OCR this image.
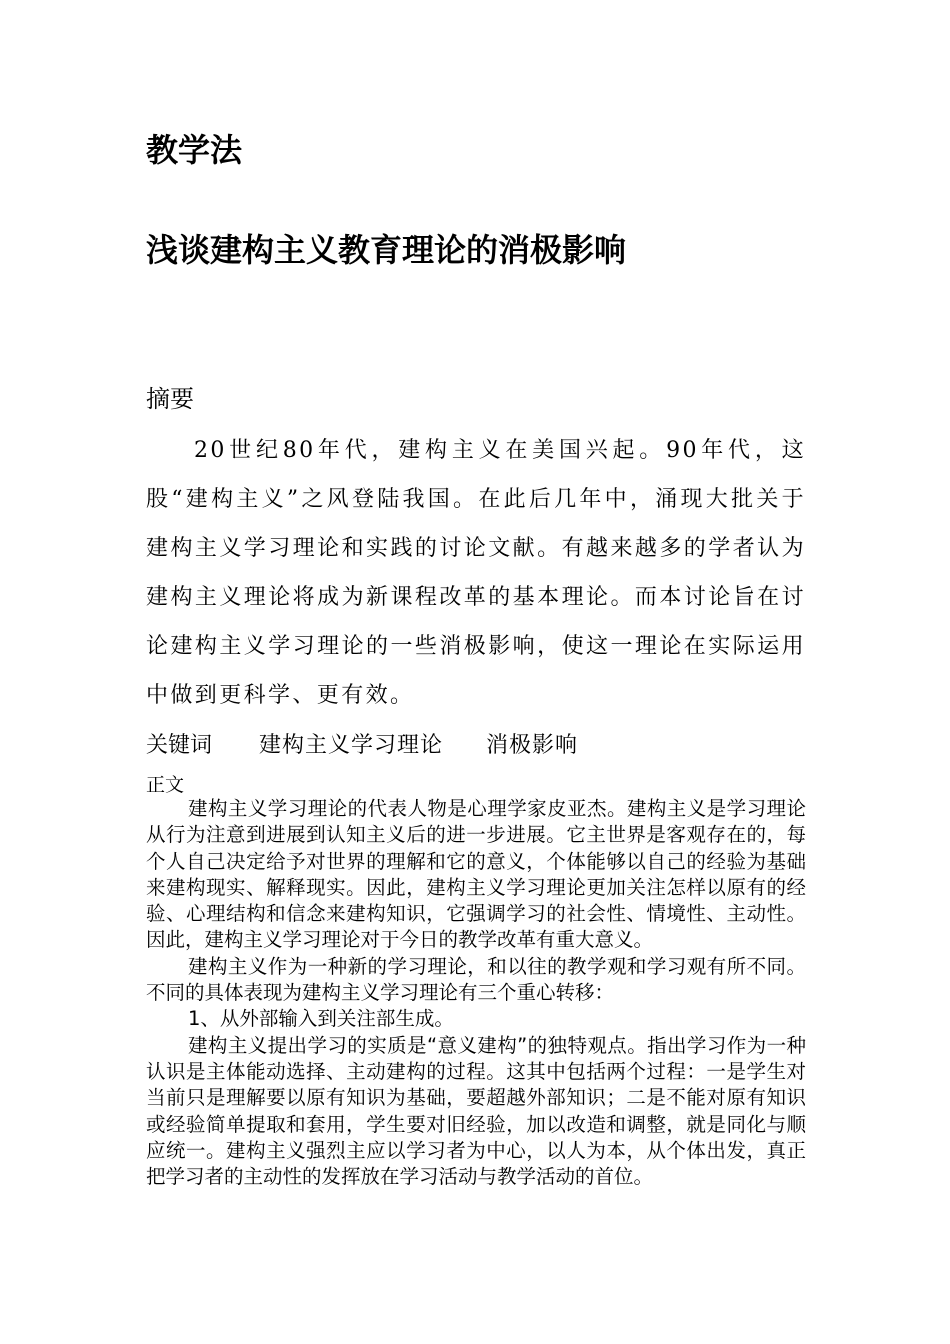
教学法
浅谈建构主义教育理论的消极影响
摘要

20世纪80年代，建构主义在美国兴起。90年代，这股“建构主义”之风登陆我国。在此后几年中，涌现大批关于建构主义学习理论和实践的讨论文献。有越来越多的学者认为建构主义理论将成为新课程改革的基本理论。而本讨论旨在讨论建构主义学习理论的一些消极影响，使这一理论在实际运用中做到更科学、更有效。

关键词 建构主义学习理论 消极影响
正文

建构主义学习理论的代表人物是心理学家皮亚杰。建构主义是学习理论从行为注意到进展到认知主义后的进一步进展。它主世界是客观存在的，每个人自己决定给予对世界的理解和它的意义，个体能够以自己的经验为基础来建构现实、解释现实。因此，建构主义学习理论更加关注怎样以原有的经验、心理结构和信念来建构知识，它强调学习的社会性、情境性、主动性。因此，建构主义学习理论对于今日的教学改革有重大意义。

建构主义作为一种新的学习理论，和以往的教学观和学习观有所不同。不同的具体表现为建构主义学习理论有三个重心转移：

1、从外部输入到关注部生成。

建构主义提出学习的实质是“意义建构”的独特观点。指出学习作为一种认识是主体能动选择、主动建构的过程。这其中包括两个过程：一是学生对当前只是理解要以原有知识为基础，要超越外部知识；二是不能对原有知识或经验简单提取和套用，学生要对旧经验，加以改造和调整，就是同化与顺应统一。建构主义强烈主应以学习者为中心，以人为本，从个体出发，真正把学习者的主动性的发挥放在学习活动与教学活动的首位。
